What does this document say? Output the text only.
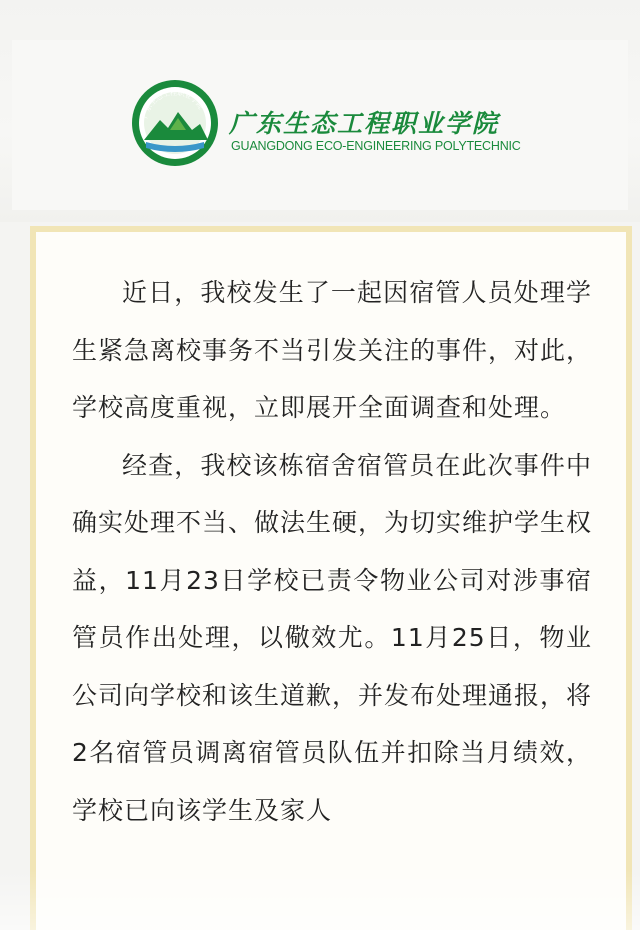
广东生态工程职业学院
广东生态工程职业学院
GUANGDONG ECO-ENGINEERING POLYTECHNIC

近日，我校发生了一起因宿管人员处理学生紧急离校事务不当引发关注的事件，对此，学校高度重视，立即展开全面调查和处理。

经查，我校该栋宿舍宿管员在此次事件中确实处理不当、做法生硬，为切实维护学生权益，11月23日学校已责令物业公司对涉事宿管员作出处理，以儆效尤。11月25日，物业公司向学校和该生道歉，并发布处理通报，将2名宿管员调离宿管员队伍并扣除当月绩效，学校已向该学生及家人
